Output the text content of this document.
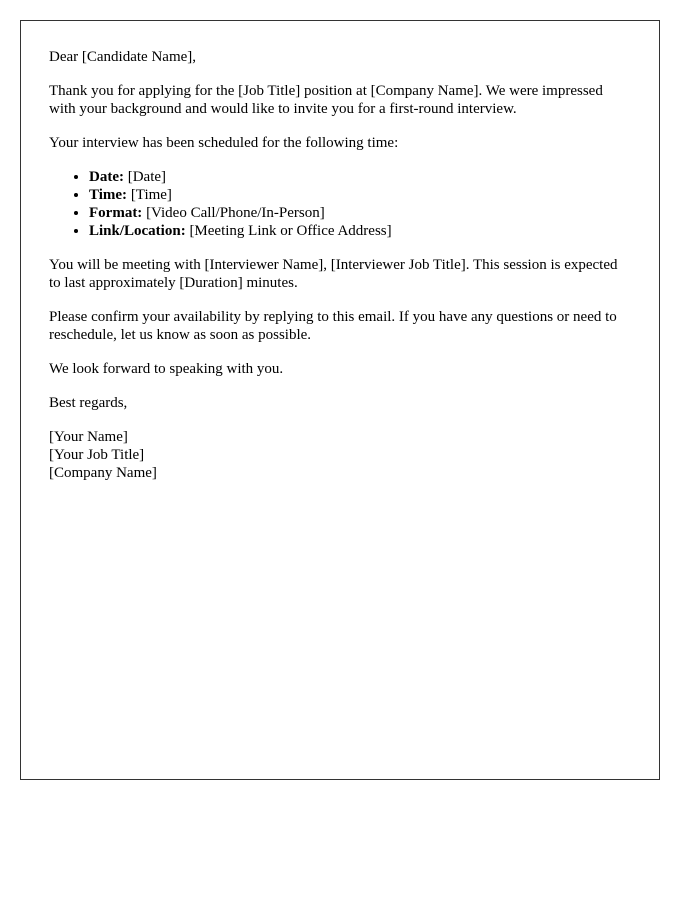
Dear [Candidate Name],

Thank you for applying for the [Job Title] position at [Company Name]. We were impressed with your background and would like to invite you for a first-round interview.

Your interview has been scheduled for the following time:

• Date: [Date]
• Time: [Time]
• Format: [Video Call/Phone/In-Person]
• Link/Location: [Meeting Link or Office Address]

You will be meeting with [Interviewer Name], [Interviewer Job Title]. This session is expected to last approximately [Duration] minutes.

Please confirm your availability by replying to this email. If you have any questions or need to reschedule, let us know as soon as possible.

We look forward to speaking with you.

Best regards,

[Your Name]

[Your Job Title]

[Company Name]
